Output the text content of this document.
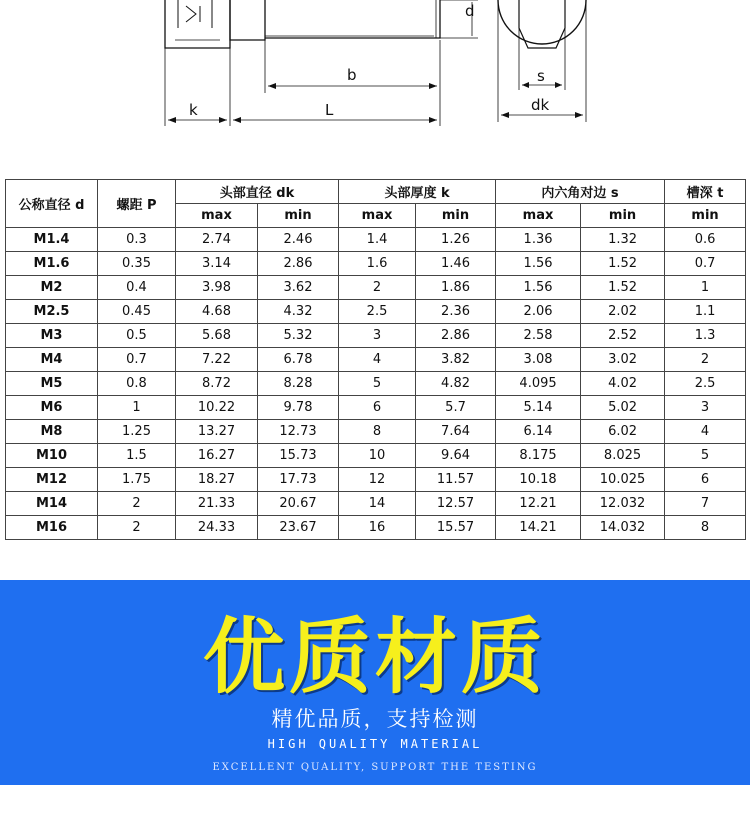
d
b
k	L
s
dk
公称直径 d	螺距 P	头部直径 dk		头部厚度 k		内六角对边 s		槽深 t
		max	min	max	min	max	min	min
M1.4	0.3	2.74	2.46	1.4	1.26	1.36	1.32	0.6
M1.6	0.35	3.14	2.86	1.6	1.46	1.56	1.52	0.7
M2	0.4	3.98	3.62	2	1.86	1.56	1.52	1
M2.5	0.45	4.68	4.32	2.5	2.36	2.06	2.02	1.1
M3	0.5	5.68	5.32	3	2.86	2.58	2.52	1.3
M4	0.7	7.22	6.78	4	3.82	3.08	3.02	2
M5	0.8	8.72	8.28	5	4.82	4.095	4.02	2.5
M6	1	10.22	9.78	6	5.7	5.14	5.02	3
M8	1.25	13.27	12.73	8	7.64	6.14	6.02	4
M10	1.5	16.27	15.73	10	9.64	8.175	8.025	5
M12	1.75	18.27	17.73	12	11.57	10.18	10.025	6
M14	2	21.33	20.67	14	12.57	12.21	12.032	7
M16	2	24.33	23.67	16	15.57	14.21	14.032	8
优质材质
精优品质，支持检测
HIGH QUALITY MATERIAL
EXCELLENT QUALITY, SUPPORT THE TESTING
